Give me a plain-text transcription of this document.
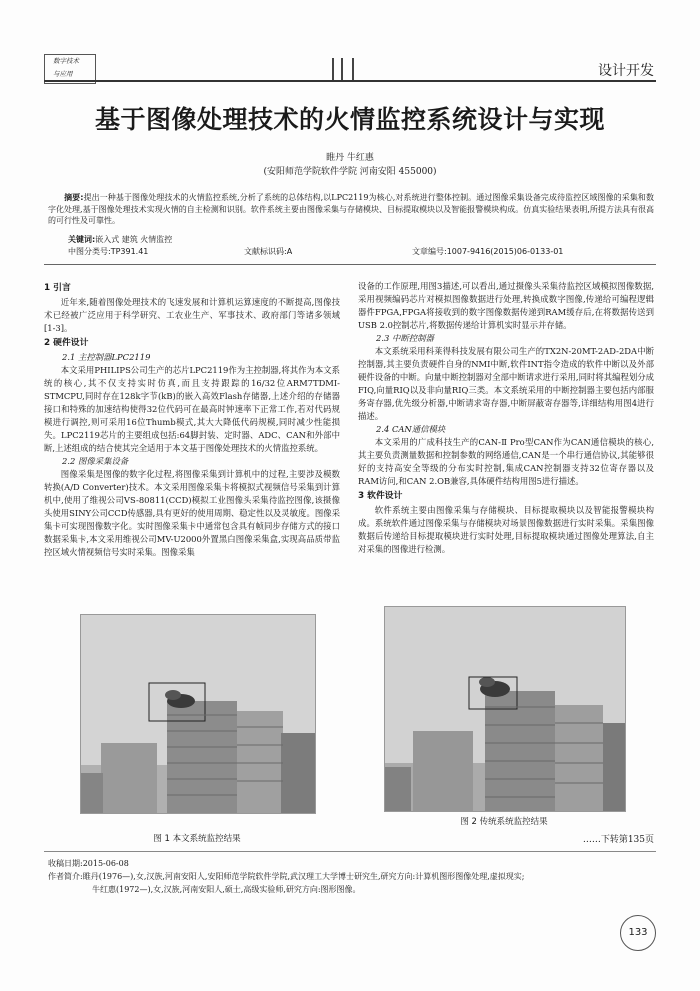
数字技术
与应用	设计开发
基于图像处理技术的火情监控系统设计与实现
睢丹 牛红惠
(安阳师范学院软件学院 河南安阳 455000)
  摘要:提出一种基于图像处理技术的火情监控系统,分析了系统的总体结构,以LPC2119为核心,对系统进行整体控制。通过图像采集设备完成待监控区域图像的采集和数字化处理,基于图像处理技术实现火情的自主检测和识别。软件系统主要由图像采集与存储模块、目标提取模块以及智能报警模块构成。仿真实验结果表明,所提方法具有很高的可行性及可靠性。
关键词:嵌入式 建筑 火情监控
中图分类号:TP391.41	文献标识码:A	文章编号:1007-9416(2015)06-0133-01
1 引言

近年来,随着图像处理技术的飞速发展和计算机运算速度的不断提高,图像技术已经被广泛应用于科学研究、工农业生产、军事技术、政府部门等诸多领域[1-3]。

2 硬件设计
2.1 主控制器LPC2119

本文采用PHILIPS公司生产的芯片LPC2119作为主控制器,将其作为本文系统的核心,其不仅支持实时仿真,而且支持跟踪的16/32位ARM7TDMI-STMCPU,同时存在128k字节(kB)的嵌入高效Flash存储器,上述介绍的存储器接口和特殊的加速结构使得32位代码可在最高时钟速率下正常工作,若对代码规模进行调控,则可采用16位Thumb模式,其大大降低代码规模,同时减少性能损失。LPC2119芯片的主要组成包括:64脚封装、定时器、ADC、CAN和外部中断,上述组成的结合使其完全适用于本文基于图像处理技术的火情监控系统。

2.2 图像采集设备

图像采集是图像的数字化过程,将图像采集到计算机中的过程,主要涉及模数转换(A/D Converter)技术。本文采用图像采集卡将模拟式视频信号采集到计算机中,使用了维视公司VS-80811(CCD)模拟工业图像头采集待监控图像,该摄像头使用SINY公司CCD传感器,具有更好的使用周期、稳定性以及灵敏度。图像采集卡可实现图像数字化。实时图像采集卡中通常包含具有帧同步存储方式的接口数据采集卡,本文采用维视公司MV-U2000外置黑白图像采集盒,实现高品质带监控区域火情视频信号实时采集。图像采集

设备的工作原理,用图3描述,可以看出,通过摄像头采集待监控区域模拟图像数据,采用视频编码芯片对模拟图像数据进行处理,转换成数字图像,传递给可编程逻辑器件FPGA,FPGA将接收到的数字图像数据传递到RAM缓存后,在将数据传送到USB 2.0控制芯片,将数据传递给计算机实时显示并存储。

2.3 中断控制器

本文系统采用科莱得科技发展有限公司生产的TX2N-20MT-2AD-2DA中断控制器,其主要负责硬件自身的NMI中断,软件INT指令造成的软件中断以及外部硬件设备的中断。向量中断控制器对全部中断请求进行采用,同时将其编程划分成FIQ,向量RIQ以及非向量RIQ三类。本文系统采用的中断控制器主要包括内部服务寄存器,优先级分析器,中断请求寄存器,中断屏蔽寄存器等,详细结构用图4进行描述。

2.4 CAN通信模块

本文采用的广成科技生产的CAN-Ⅱ Pro型CAN作为CAN通信模块的核心,其主要负责测量数据和控制参数的网络通信,CAN是一个串行通信协议,其能够很好的支持高安全等级的分布实时控制,集成CAN控制器支持32位寄存器以及RAM访问,和CAN 2.OB兼容,具体硬件结构用图5进行描述。

3 软件设计

软件系统主要由图像采集与存储模块、目标提取模块以及智能报警模块构成。系统软件通过图像采集与存储模块对场景图像数据进行实时采集。采集图像数据后传递给目标提取模块进行实时处理,目标提取模块通过图像处理算法,自主对采集的图像进行检测。

图 1 本文系统监控结果
图 2 传统系统监控结果
……下转第135页
收稿日期:2015-06-08
作者简介:睢丹(1976—),女,汉族,河南安阳人,安阳师范学院软件学院,武汉理工大学博士研究生,研究方向:计算机图形图像处理,虚拟现实;
牛红惠(1972—),女,汉族,河南安阳人,硕士,高级实验师,研究方向:图形图像。
133
